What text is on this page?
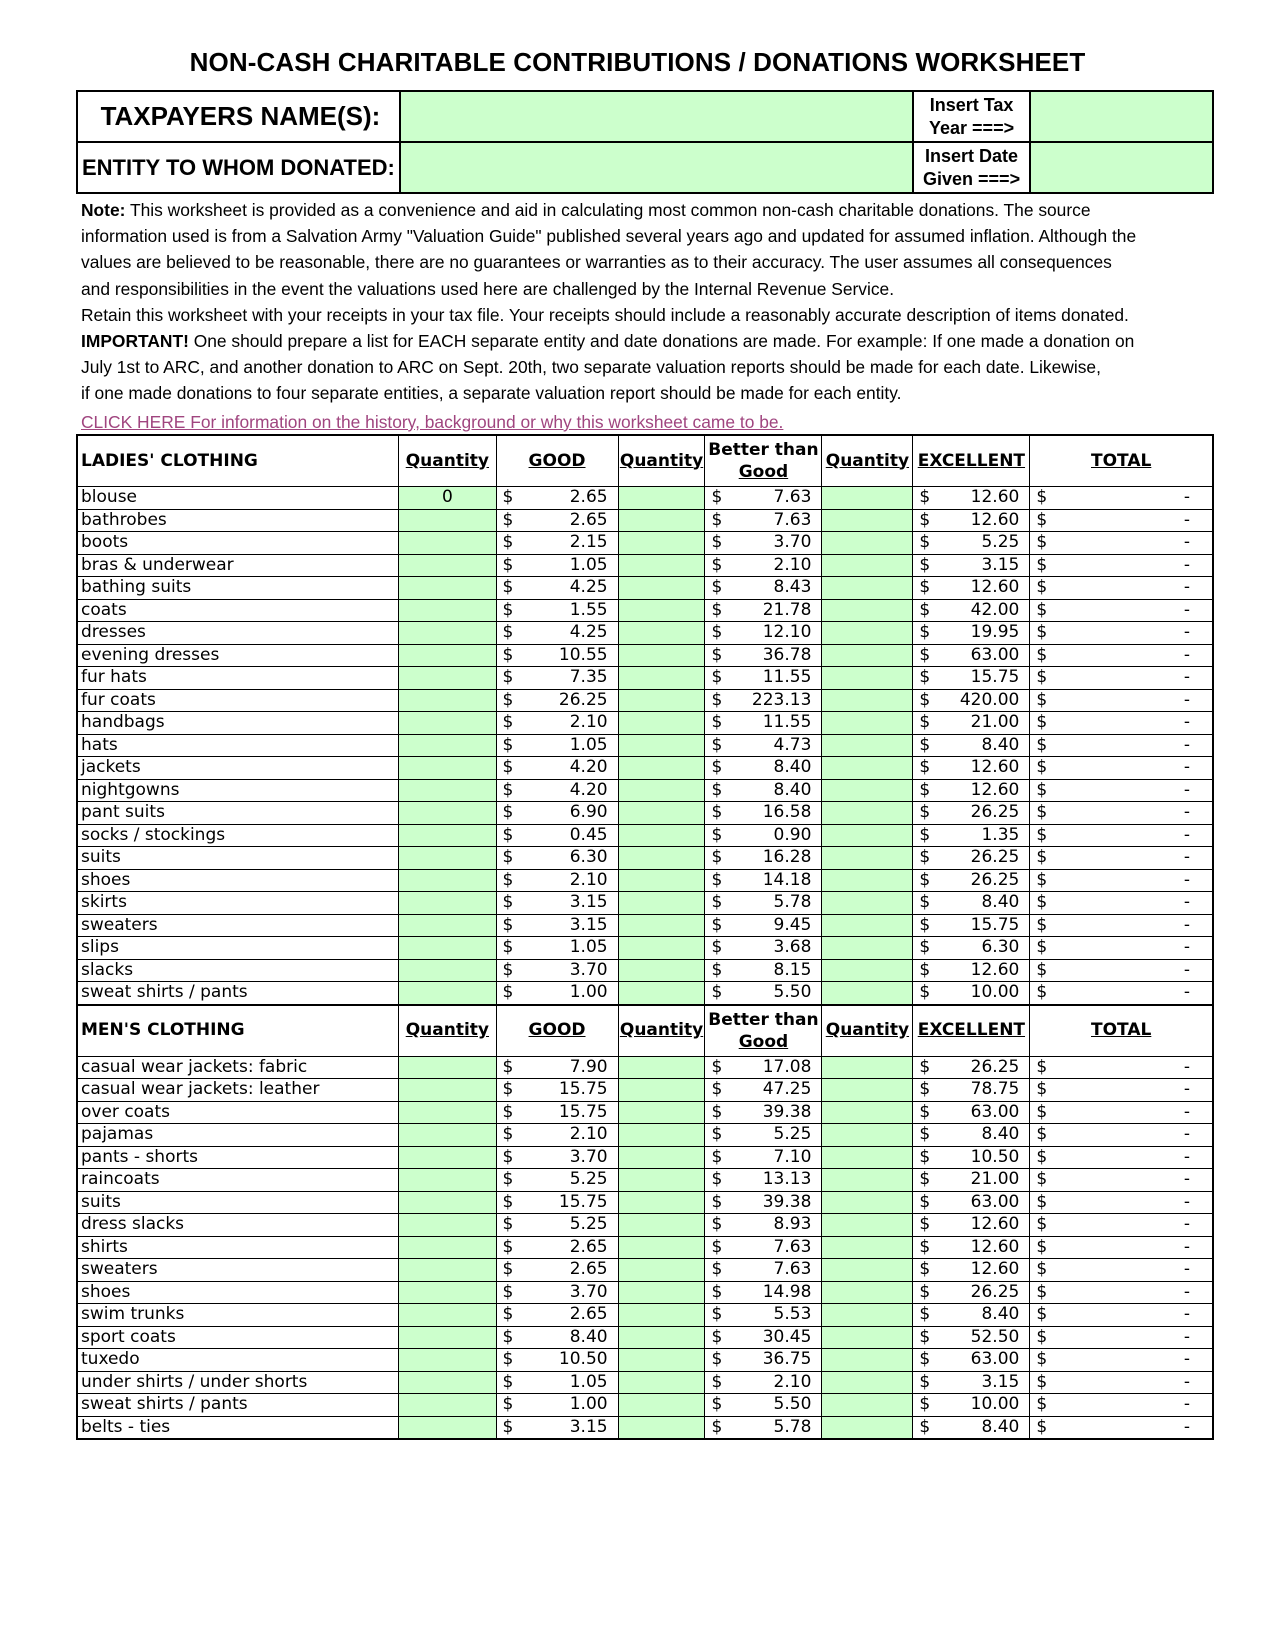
NON-CASH CHARITABLE CONTRIBUTIONS / DONATIONS WORKSHEET
TAXPAYERS NAME(S):		Insert Tax
Year ===>	

ENTITY TO WHOM DONATED:		Insert Date
Given ===>	

Note: This worksheet is provided as a convenience and aid in calculating most common non-cash charitable donations. The source

information used is from a Salvation Army "Valuation Guide" published several years ago and updated for assumed inflation. Although the

values are believed to be reasonable, there are no guarantees or warranties as to their accuracy. The user assumes all consequences

and responsibilities in the event the valuations used here are challenged by the Internal Revenue Service.

Retain this worksheet with your receipts in your tax file. Your receipts should include a reasonably accurate description of items donated.

IMPORTANT! One should prepare a list for EACH separate entity and date donations are made. For example: If one made a donation on

July 1st to ARC, and another donation to ARC on Sept. 20th, two separate valuation reports should be made for each date. Likewise,

if one made donations to four separate entities, a separate valuation report should be made for each entity.

CLICK HERE For information on the history, background or why this worksheet came to be.
LADIES' CLOTHING	Quantity	GOOD	Quantity	Better than
Good	Quantity	EXCELLENT	TOTAL
blouse	0	$ 2.65		$ 7.63		$ 12.60	$ -

bathrobes		$ 2.65		$ 7.63		$ 12.60	$ -

boots		$ 2.15		$ 3.70		$ 5.25	$ -

bras & underwear		$ 1.05		$ 2.10		$ 3.15	$ -

bathing suits		$ 4.25		$ 8.43		$ 12.60	$ -

coats		$ 1.55		$ 21.78		$ 42.00	$ -

dresses		$ 4.25		$ 12.10		$ 19.95	$ -

evening dresses		$ 10.55		$ 36.78		$ 63.00	$ -

fur hats		$ 7.35		$ 11.55		$ 15.75	$ -

fur coats		$ 26.25		$ 223.13		$ 420.00	$ -

handbags		$ 2.10		$ 11.55		$ 21.00	$ -

hats		$ 1.05		$ 4.73		$ 8.40	$ -

jackets		$ 4.20		$ 8.40		$ 12.60	$ -

nightgowns		$ 4.20		$ 8.40		$ 12.60	$ -

pant suits		$ 6.90		$ 16.58		$ 26.25	$ -

socks / stockings		$ 0.45		$ 0.90		$ 1.35	$ -

suits		$ 6.30		$ 16.28		$ 26.25	$ -

shoes		$ 2.10		$ 14.18		$ 26.25	$ -

skirts		$ 3.15		$ 5.78		$ 8.40	$ -

sweaters		$ 3.15		$ 9.45		$ 15.75	$ -

slips		$ 1.05		$ 3.68		$ 6.30	$ -

slacks		$ 3.70		$ 8.15		$ 12.60	$ -

sweat shirts / pants		$ 1.00		$ 5.50		$ 10.00	$ -

MEN'S CLOTHING	Quantity	GOOD	Quantity	Better than
Good	Quantity	EXCELLENT	TOTAL
casual wear jackets: fabric		$ 7.90		$ 17.08		$ 26.25	$ -

casual wear jackets: leather		$ 15.75		$ 47.25		$ 78.75	$ -

over coats		$ 15.75		$ 39.38		$ 63.00	$ -

pajamas		$ 2.10		$ 5.25		$ 8.40	$ -

pants - shorts		$ 3.70		$ 7.10		$ 10.50	$ -

raincoats		$ 5.25		$ 13.13		$ 21.00	$ -

suits		$ 15.75		$ 39.38		$ 63.00	$ -

dress slacks		$ 5.25		$ 8.93		$ 12.60	$ -

shirts		$ 2.65		$ 7.63		$ 12.60	$ -

sweaters		$ 2.65		$ 7.63		$ 12.60	$ -

shoes		$ 3.70		$ 14.98		$ 26.25	$ -

swim trunks		$ 2.65		$ 5.53		$ 8.40	$ -

sport coats		$ 8.40		$ 30.45		$ 52.50	$ -

tuxedo		$ 10.50		$ 36.75		$ 63.00	$ -

under shirts / under shorts		$ 1.05		$ 2.10		$ 3.15	$ -

sweat shirts / pants		$ 1.00		$ 5.50		$ 10.00	$ -

belts - ties		$ 3.15		$ 5.78		$ 8.40	$ -
